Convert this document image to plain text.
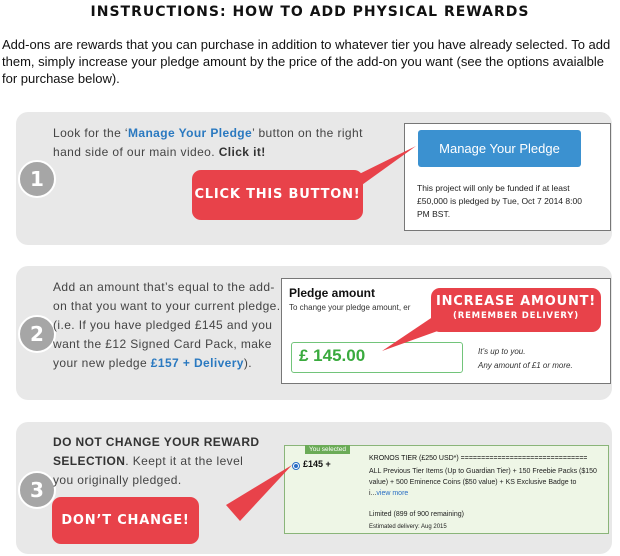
INSTRUCTIONS: HOW TO ADD PHYSICAL REWARDS
Add-ons are rewards that you can purchase in addition to whatever tier you have already selected. To add them, simply increase your pledge amount by the price of the add-on you want (see the options avaialble for purchase below).
1
Look for the ‘Manage Your Pledge’ button on the right hand side of our main video. Click it!	Manage Your Pledge
This project will only be funded if at least £50,000 is pledged by Tue, Oct 7 2014 8:00 PM BST.
CLICK THIS BUTTON!
2
Add an amount that’s equal to the add-on that you want to your current pledge. (i.e. If you have pledged £145 and you want the £12 Signed Card Pack, make your new pledge £157 + Delivery).
Pledge amount
To change your pledge amount, er
£ 145.00	It’s up to you.
Any amount of £1 or more.
INCREASE AMOUNT!
(REMEMBER DELIVERY)
3
DO NOT CHANGE YOUR REWARD SELECTION. Keept it at the level you originally pledged.
You selected
£145 +
KRONOS TIER (£250 USD*) ===============================
ALL Previous Tier Items (Up to Guardian Tier) + 150 Freebie Packs ($150 value) + 500 Eminence Coins ($50 value) + KS Exclusive Badge to i...view more
Limited (899 of 900 remaining)
Estimated delivery: Aug 2015
DON’T CHANGE!
